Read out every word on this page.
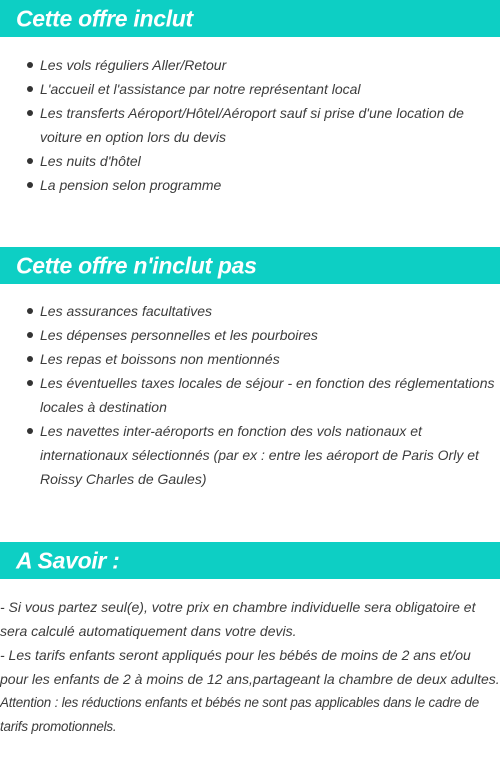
Cette offre inclut
Les vols réguliers Aller/Retour
L'accueil et l'assistance par notre représentant local
Les transferts Aéroport/Hôtel/Aéroport sauf si prise d'une location de voiture en option lors du devis
Les nuits d'hôtel
La pension selon programme
Cette offre n'inclut pas
Les assurances facultatives
Les dépenses personnelles et les pourboires
Les repas et boissons non mentionnés
Les éventuelles taxes locales de séjour - en fonction des réglementations locales à destination
Les navettes inter-aéroports en fonction des vols nationaux et internationaux sélectionnés (par ex : entre les aéroport de Paris Orly et Roissy Charles de Gaules)
A Savoir :

- Si vous partez seul(e), votre prix en chambre individuelle sera obligatoire et sera calculé automatiquement dans votre devis.

- Les tarifs enfants seront appliqués pour les bébés de moins de 2 ans et/ou pour les enfants de 2 à moins de 12 ans,partageant la chambre de deux adultes.

Attention : les réductions enfants et bébés ne sont pas applicables dans le cadre de tarifs promotionnels.
